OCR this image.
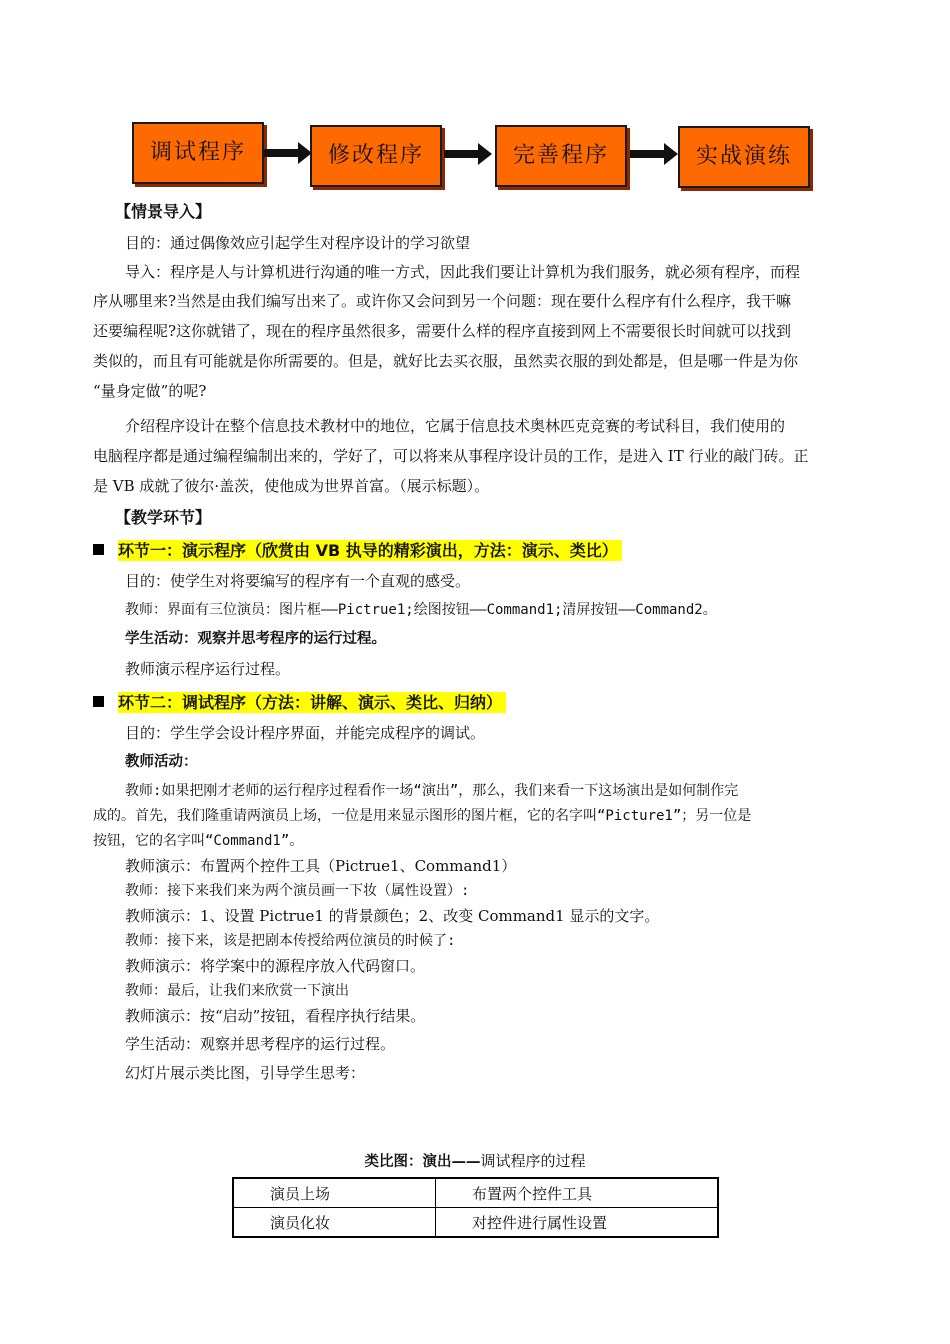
调试程序	修改程序	完善程序	实战演练
【情景导入】
目的：通过偶像效应引起学生对程序设计的学习欲望
导入：程序是人与计算机进行沟通的唯一方式，因此我们要让计算机为我们服务，就必须有程序，而程
序从哪里来?当然是由我们编写出来了。或许你又会问到另一个问题：现在要什么程序有什么程序，我干嘛
还要编程呢?这你就错了，现在的程序虽然很多，需要什么样的程序直接到网上不需要很长时间就可以找到
类似的，而且有可能就是你所需要的。但是，就好比去买衣服，虽然卖衣服的到处都是，但是哪一件是为你
“量身定做”的呢?
介绍程序设计在整个信息技术教材中的地位，它属于信息技术奥林匹克竞赛的考试科目，我们使用的
电脑程序都是通过编程编制出来的，学好了，可以将来从事程序设计员的工作，是进入 IT 行业的敲门砖。正
是 VB 成就了彼尔·盖茨，使他成为世界首富。（展示标题）。
【教学环节】
环节一：演示程序（欣赏由 VB 执导的精彩演出，方法：演示、类比）
目的：使学生对将要编写的程序有一个直观的感受。
教师：界面有三位演员：图片框——Pictrue1;绘图按钮——Command1;清屏按钮——Command2。
学生活动：观察并思考程序的运行过程。
教师演示程序运行过程。
环节二：调试程序（方法：讲解、演示、类比、归纳）
目的：学生学会设计程序界面，并能完成程序的调试。
教师活动：
教师:如果把刚才老师的运行程序过程看作一场“演出”，那么，我们来看一下这场演出是如何制作完
成的。首先，我们隆重请两演员上场，一位是用来显示图形的图片框，它的名字叫“Picture1”；另一位是
按钮，它的名字叫“Command1”。
教师演示：布置两个控件工具（Pictrue1、Command1）
教师：接下来我们来为两个演员画一下妆（属性设置）:
教师演示：1、设置 Pictrue1 的背景颜色；2、改变 Command1 显示的文字。
教师：接下来，该是把剧本传授给两位演员的时候了:
教师演示：将学案中的源程序放入代码窗口。
教师：最后，让我们来欣赏一下演出
教师演示：按“启动”按钮，看程序执行结果。
学生活动：观察并思考程序的运行过程。
幻灯片展示类比图，引导学生思考：
类比图：演出——调试程序的过程
演员上场	布置两个控件工具
演员化妆	对控件进行属性设置
